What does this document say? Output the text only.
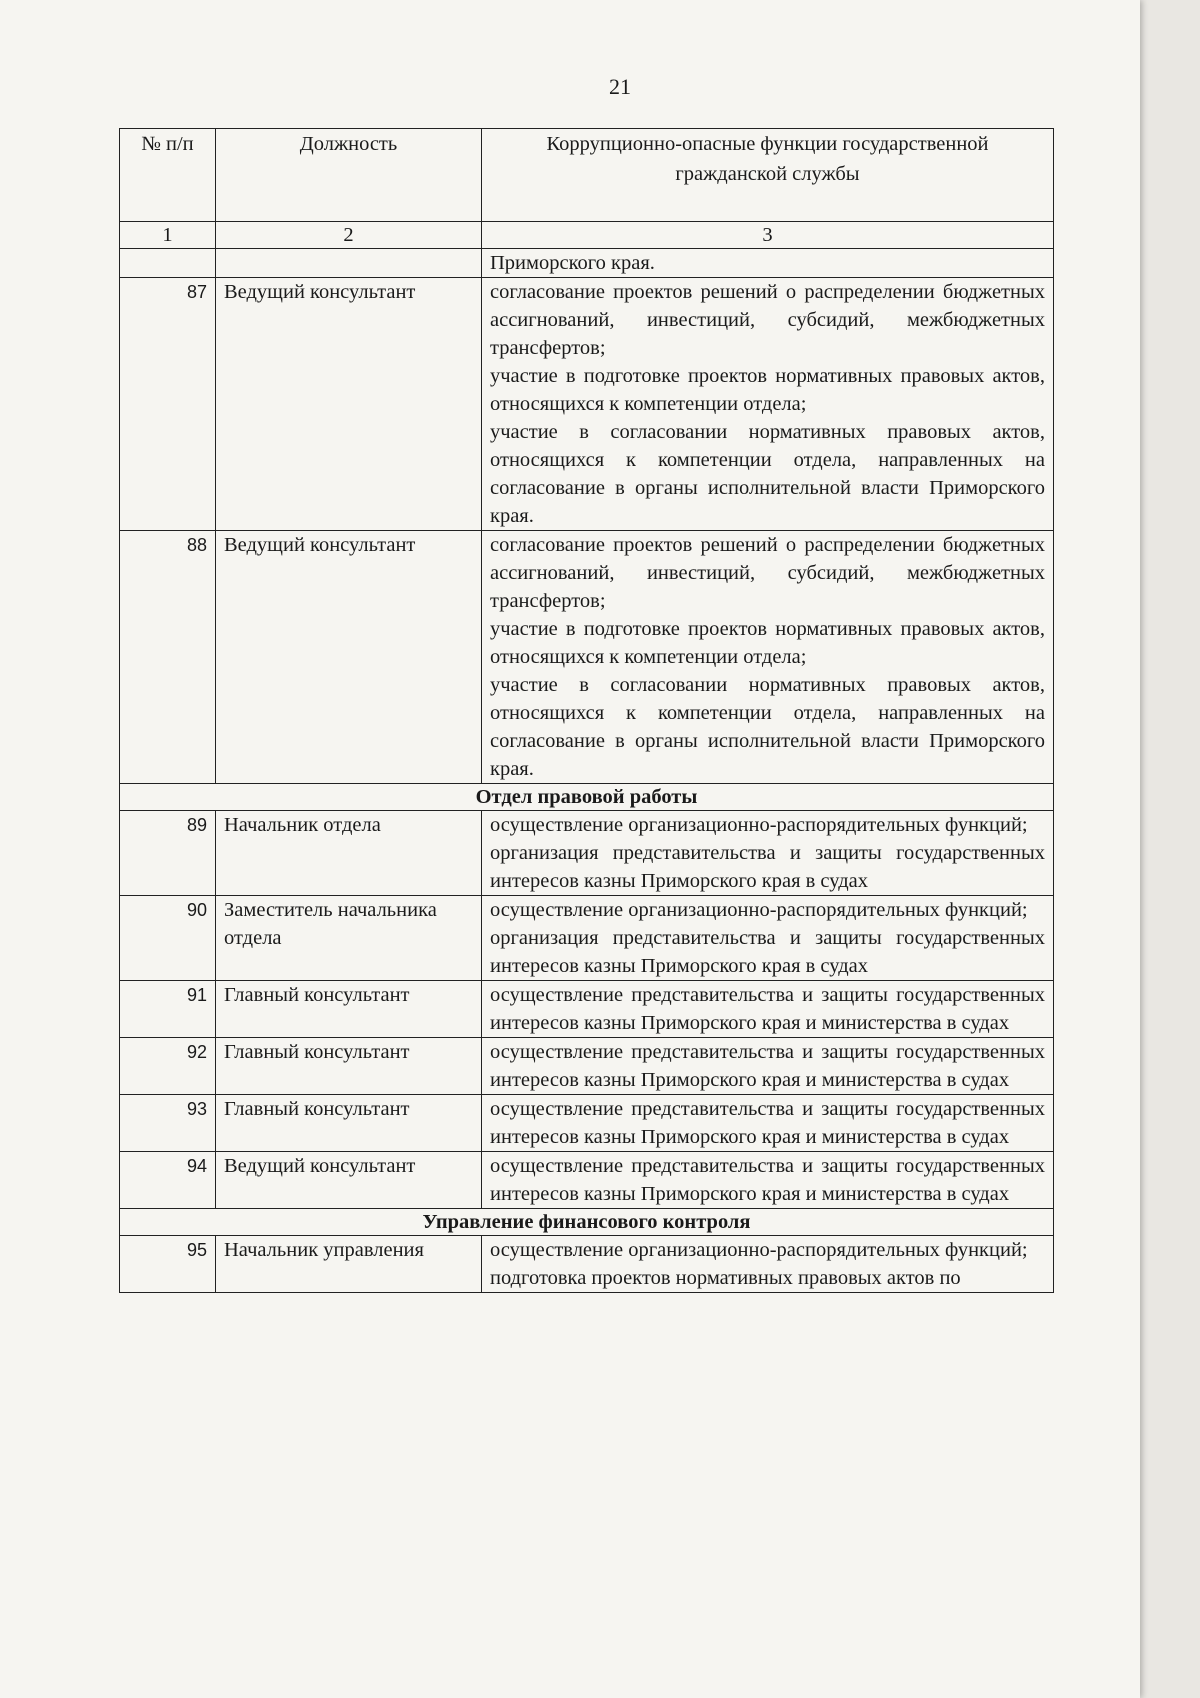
21
№ п/п	Должность	Коррупционно-опасные функции государственной гражданской службы
1	2	3

		Приморского края.

87	Ведущий консультант	согласование проектов решений о распределении бюджетных ассигнований, инвестиций, субсидий, межбюджетных трансфертов;
участие в подготовке проектов нормативных правовых актов, относящихся к компетенции отдела;
участие в согласовании нормативных правовых актов, относящихся к компетенции отдела, направленных на согласование в органы исполнительной власти Приморского края.

88	Ведущий консультант	согласование проектов решений о распределении бюджетных ассигнований, инвестиций, субсидий, межбюджетных трансфертов;
участие в подготовке проектов нормативных правовых актов, относящихся к компетенции отдела;
участие в согласовании нормативных правовых актов, относящихся к компетенции отдела, направленных на согласование в органы исполнительной власти Приморского края.

Отдел правовой работы		
89	Начальник отдела	осуществление организационно-распорядительных функций;
организация представительства и защиты государственных интересов казны Приморского края в судах

90	Заместитель начальника отдела	осуществление организационно-распорядительных функций;
организация представительства и защиты государственных интересов казны Приморского края в судах

91	Главный консультант	осуществление представительства и защиты государственных интересов казны Приморского края и министерства в судах

92	Главный консультант	осуществление представительства и защиты государственных интересов казны Приморского края и министерства в судах

93	Главный консультант	осуществление представительства и защиты государственных интересов казны Приморского края и министерства в судах

94	Ведущий консультант	осуществление представительства и защиты государственных интересов казны Приморского края и министерства в судах

Управление финансового контроля		
95	Начальник управления	осуществление организационно-распорядительных функций;
подготовка проектов нормативных правовых актов по
